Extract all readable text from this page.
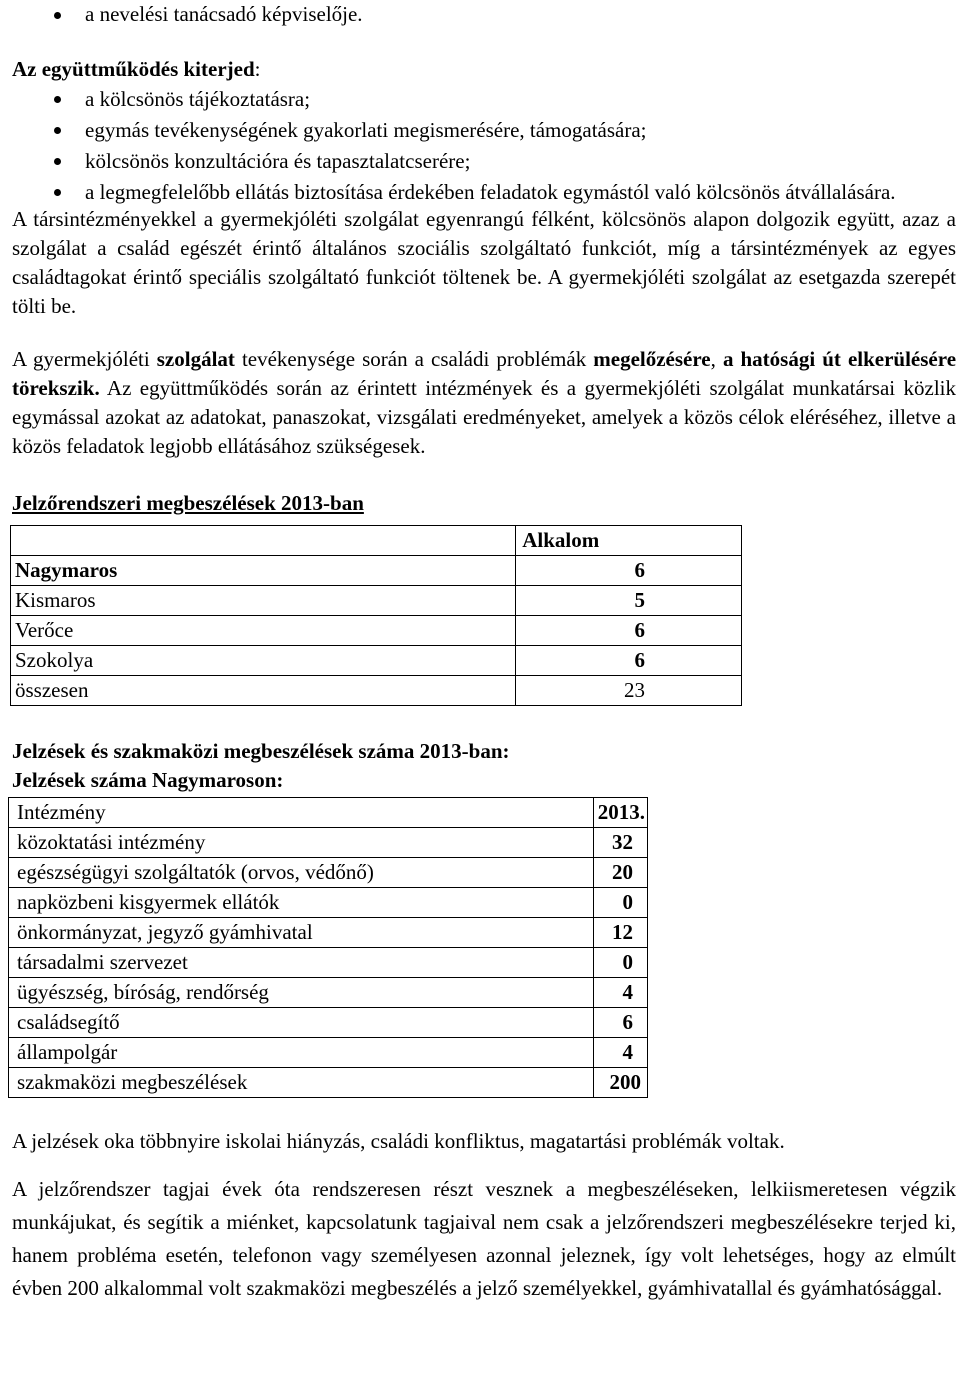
a nevelési tanácsadó képviselője.

Az együttműködés kiterjed:

a kölcsönös tájékoztatásra;
egymás tevékenységének gyakorlati megismerésére, támogatására;
kölcsönös konzultációra és tapasztalatcserére;
a legmegfelelőbb ellátás biztosítása érdekében feladatok egymástól való kölcsönös átvállalására.

A társintézményekkel a gyermekjóléti szolgálat egyenrangú félként, kölcsönös alapon dolgozik együtt, azaz a szolgálat a család egészét érintő általános szociális szolgáltató funkciót, míg a társintézmények az egyes családtagokat érintő speciális szolgáltató funkciót töltenek be. A gyermekjóléti szolgálat az esetgazda szerepét tölti be.

A gyermekjóléti szolgálat tevékenysége során a családi problémák megelőzésére, a hatósági út elkerülésére törekszik. Az együttműködés során az érintett intézmények és a gyermekjóléti szolgálat munkatársai közlik egymással azokat az adatokat, panaszokat, vizsgálati eredményeket, amelyek a közös célok eléréséhez, illetve a közös feladatok legjobb ellátásához szükségesek.

Jelzőrendszeri megbeszélések 2013-ban

	Alkalom
Nagymaros	6
Kismaros	5
Verőce	6
Szokolya	6
összesen	23

Jelzések és szakmaközi megbeszélések száma 2013-ban:

Jelzések száma Nagymaroson:

Intézmény	2013.
közoktatási intézmény	32
egészségügyi szolgáltatók (orvos, védőnő)	20
napközbeni kisgyermek ellátók	0
önkormányzat, jegyző gyámhivatal	12
társadalmi szervezet	0
ügyészség, bíróság, rendőrség	4
családsegítő	6
állampolgár	4
szakmaközi megbeszélések	200

A jelzések oka többnyire iskolai hiányzás, családi konfliktus, magatartási problémák voltak.

A jelzőrendszer tagjai évek óta rendszeresen részt vesznek a megbeszéléseken, lelkiismeretesen végzik munkájukat, és segítik a miénket, kapcsolatunk tagjaival nem csak a jelzőrendszeri megbeszélésekre terjed ki, hanem probléma esetén, telefonon vagy személyesen azonnal jeleznek, így volt lehetséges, hogy az elmúlt évben 200 alkalommal volt szakmaközi megbeszélés a jelző személyekkel, gyámhivatallal és gyámhatósággal.
